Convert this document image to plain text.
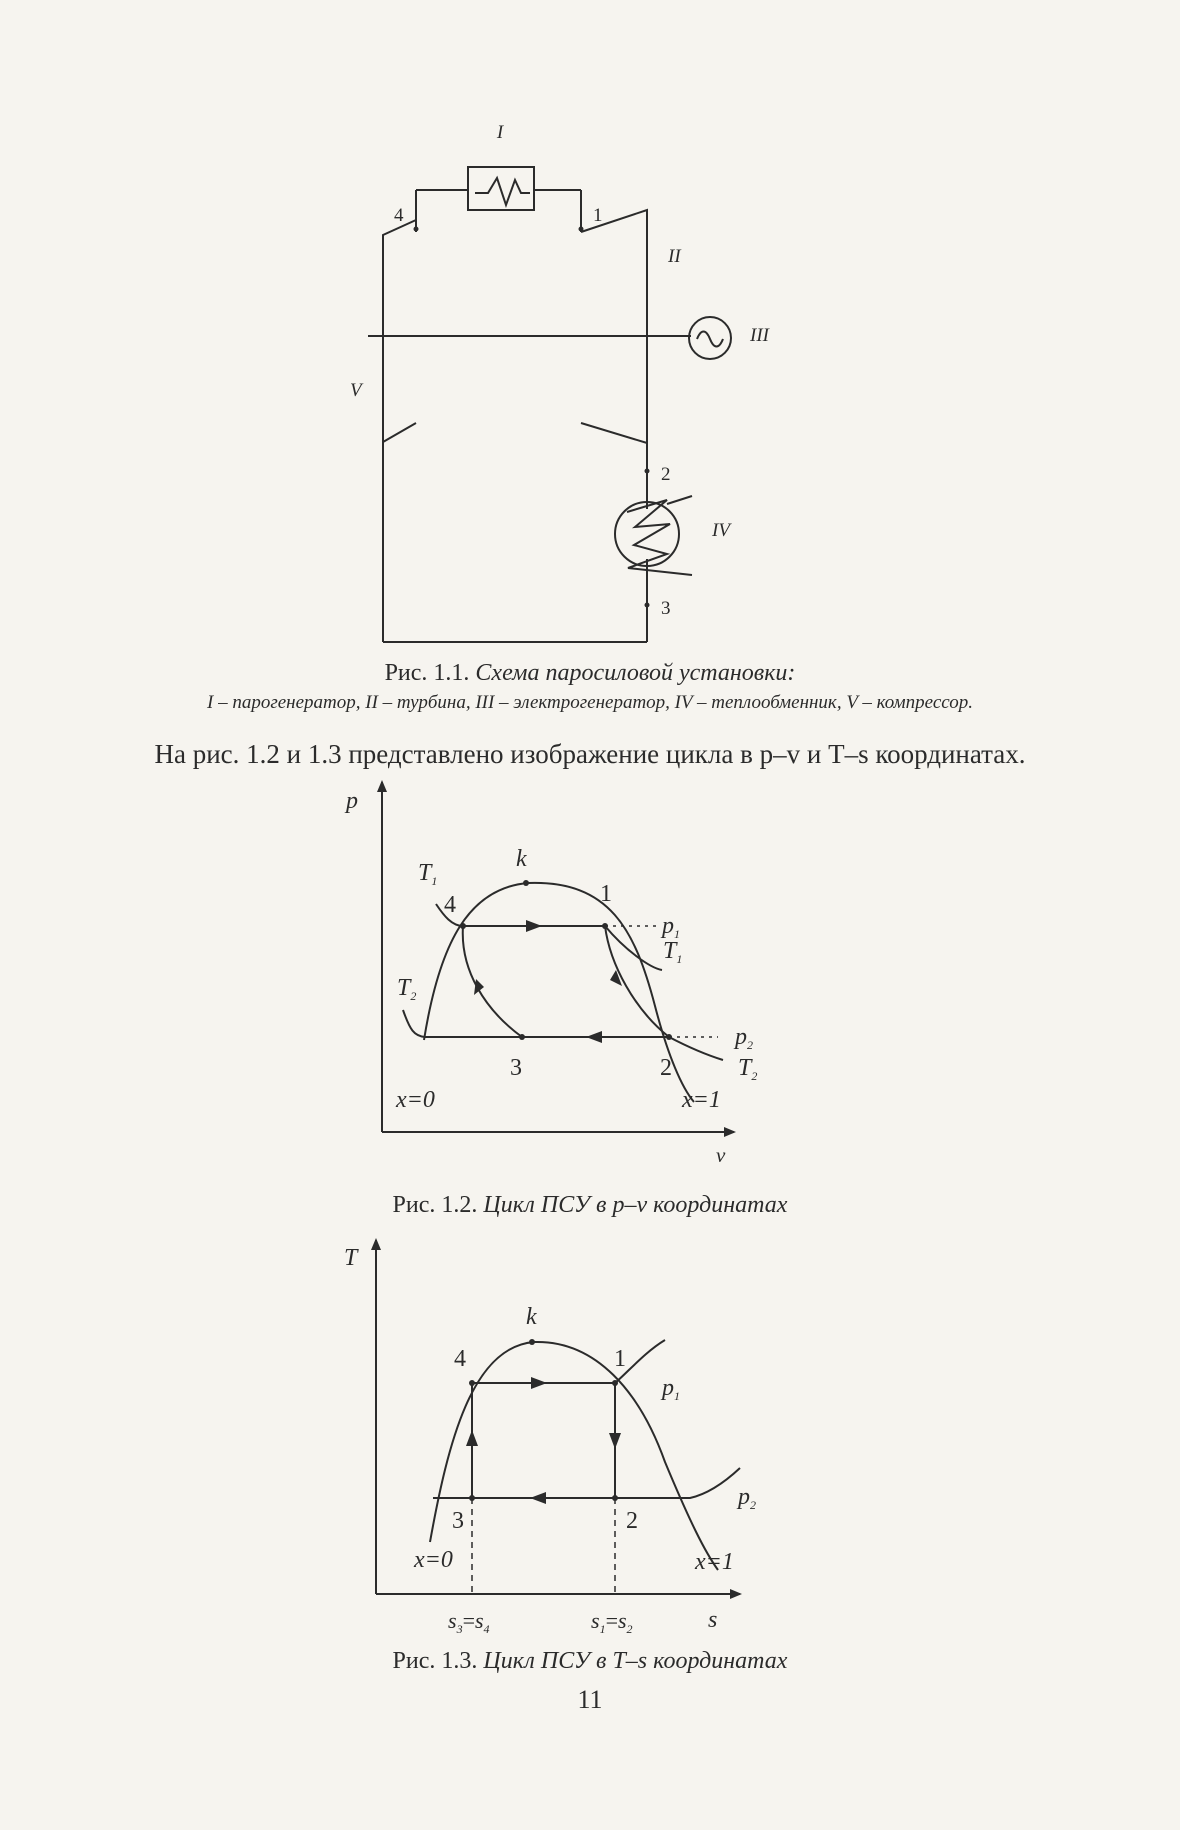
I
II
III
IV
V
4	1
2
3

Рис. 1.1. Схема паросиловой установки:

I – парогенератор, II – турбина, III – электрогенератор, IV – теплообменник, V – компрессор.

На рис. 1.2 и 1.3 представлено изображение цикла в p–v и T–s координатах.

p
v
k
4	1
3	2
$T_1$
$T_1$
$T_2$
$T_2$
$p_1$
$p_2$
x=0	x=1

Рис. 1.2. Цикл ПСУ в p–v координатах

T
s
k
4	1
3	2
$p_1$
$p_2$
x=0	x=1
$s_3=s_4$	$s_1=s_2$

Рис. 1.3. Цикл ПСУ в T–s координатах

11
